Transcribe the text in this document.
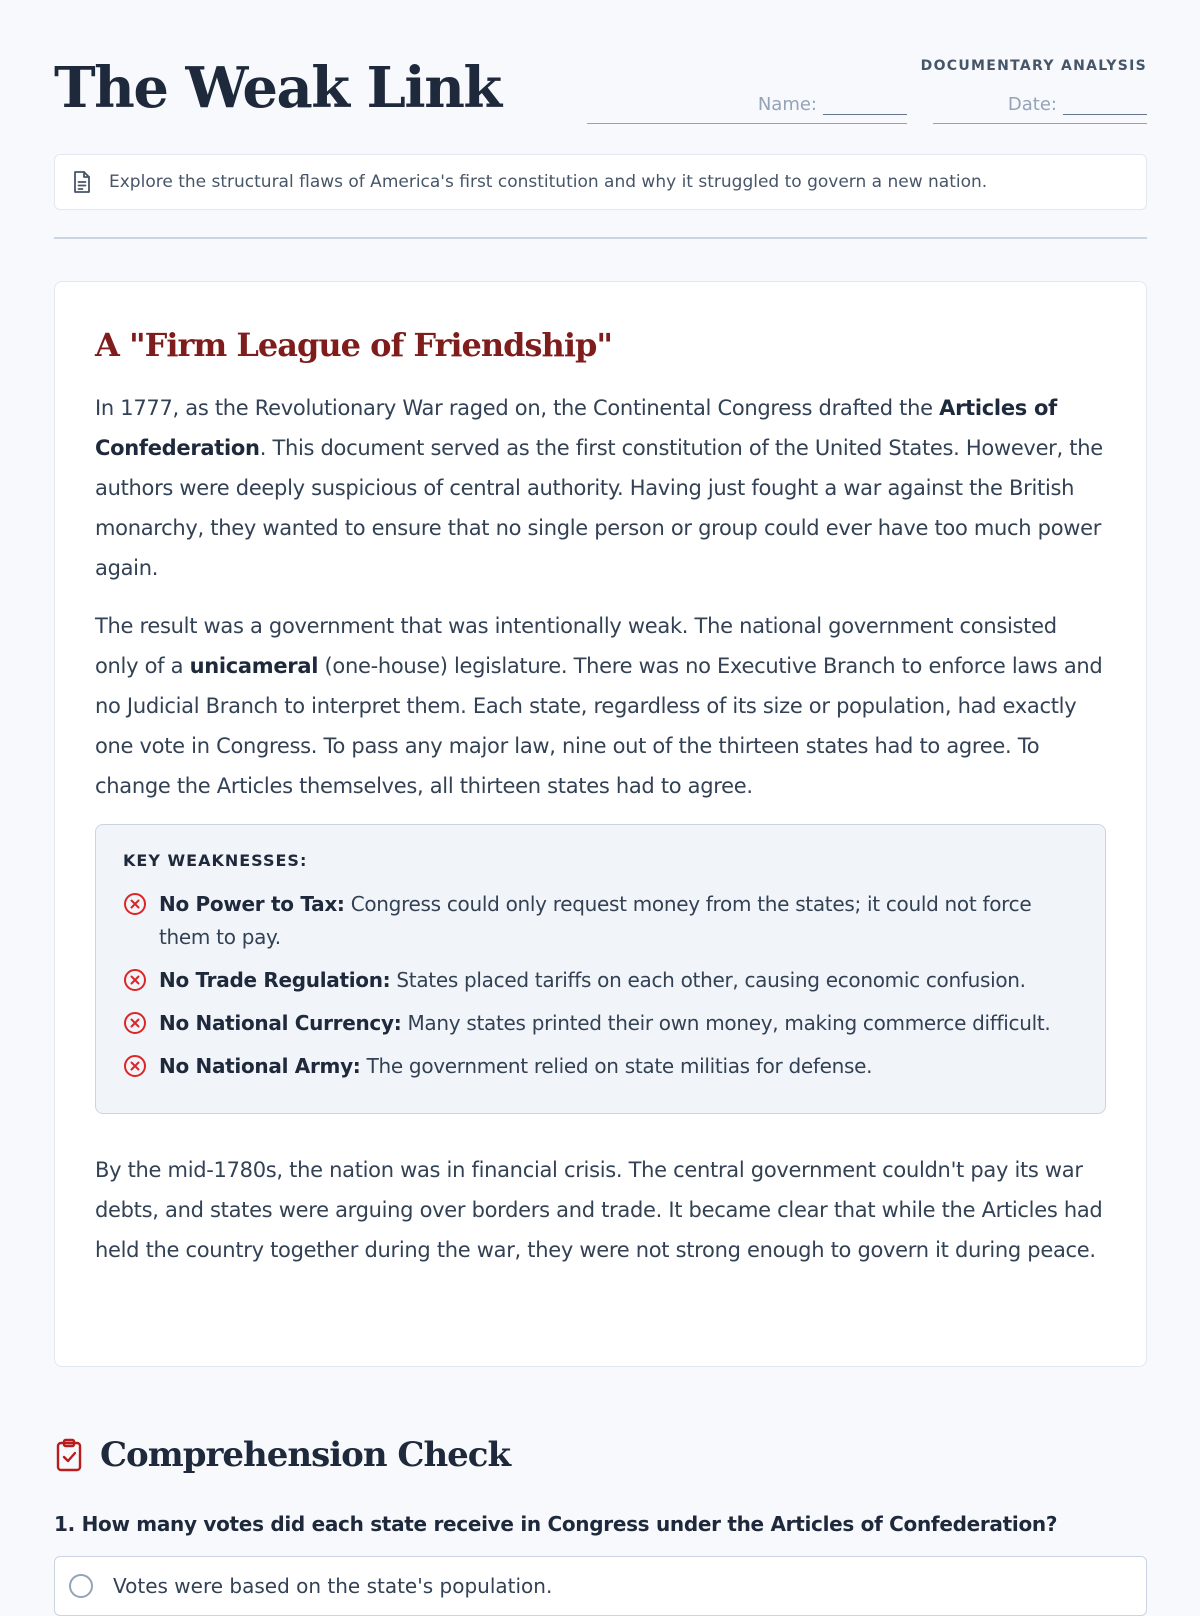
The Weak Link	DOCUMENTARY ANALYSIS
Name:	Date:
Explore the structural flaws of America's first constitution and why it struggled to govern a new nation.
A "Firm League of Friendship"

In 1777, as the Revolutionary War raged on, the Continental Congress drafted the Articles of Confederation. This document served as the first constitution of the United States. However, the authors were deeply suspicious of central authority. Having just fought a war against the British monarchy, they wanted to ensure that no single person or group could ever have too much power again.

The result was a government that was intentionally weak. The national government consisted only of a unicameral (one-house) legislature. There was no Executive Branch to enforce laws and no Judicial Branch to interpret them. Each state, regardless of its size or population, had exactly one vote in Congress. To pass any major law, nine out of the thirteen states had to agree. To change the Articles themselves, all thirteen states had to agree.

KEY WEAKNESSES:
No Power to Tax: Congress could only request money from the states; it could not force them to pay.
No Trade Regulation: States placed tariffs on each other, causing economic confusion.
No National Currency: Many states printed their own money, making commerce difficult.
No National Army: The government relied on state militias for defense.

By the mid-1780s, the nation was in financial crisis. The central government couldn't pay its war debts, and states were arguing over borders and trade. It became clear that while the Articles had held the country together during the war, they were not strong enough to govern it during peace.

Comprehension Check
1. How many votes did each state receive in Congress under the Articles of Confederation?
Votes were based on the state's population.
